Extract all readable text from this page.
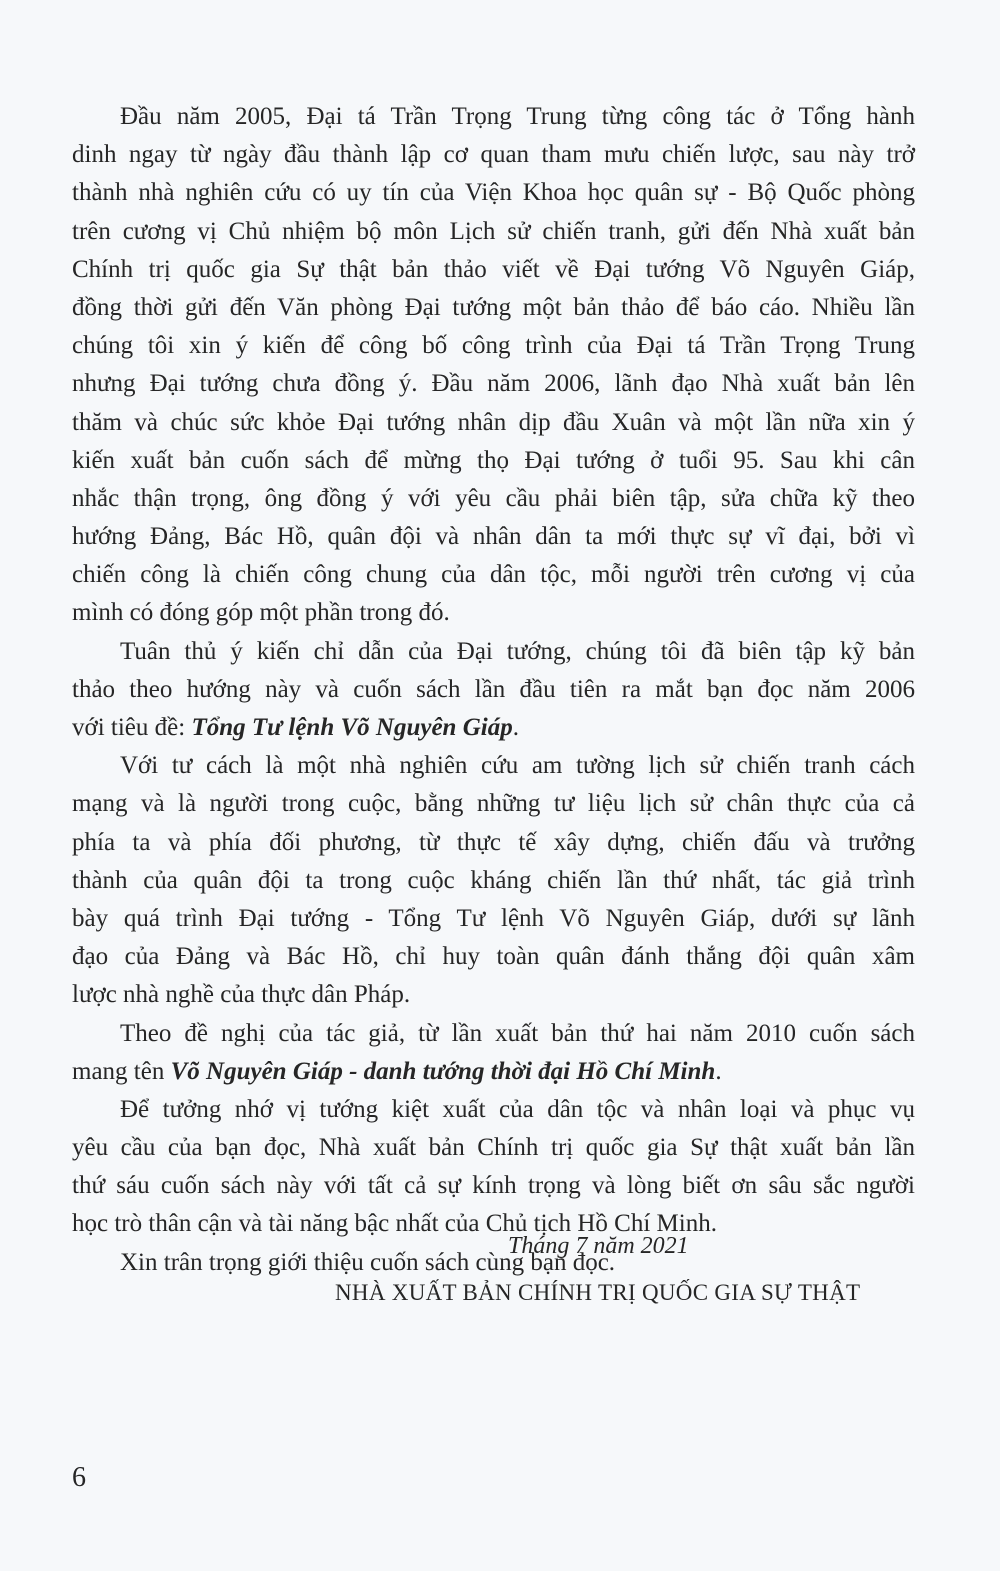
Đầu năm 2005, Đại tá Trần Trọng Trung từng công tác ở Tổng hành
dinh ngay từ ngày đầu thành lập cơ quan tham mưu chiến lược, sau này trở
thành nhà nghiên cứu có uy tín của Viện Khoa học quân sự - Bộ Quốc phòng
trên cương vị Chủ nhiệm bộ môn Lịch sử chiến tranh, gửi đến Nhà xuất bản
Chính trị quốc gia Sự thật bản thảo viết về Đại tướng Võ Nguyên Giáp,
đồng thời gửi đến Văn phòng Đại tướng một bản thảo để báo cáo. Nhiều lần
chúng tôi xin ý kiến để công bố công trình của Đại tá Trần Trọng Trung
nhưng Đại tướng chưa đồng ý. Đầu năm 2006, lãnh đạo Nhà xuất bản lên
thăm và chúc sức khỏe Đại tướng nhân dịp đầu Xuân và một lần nữa xin ý
kiến xuất bản cuốn sách để mừng thọ Đại tướng ở tuổi 95. Sau khi cân
nhắc thận trọng, ông đồng ý với yêu cầu phải biên tập, sửa chữa kỹ theo
hướng Đảng, Bác Hồ, quân đội và nhân dân ta mới thực sự vĩ đại, bởi vì
chiến công là chiến công chung của dân tộc, mỗi người trên cương vị của
mình có đóng góp một phần trong đó.
Tuân thủ ý kiến chỉ dẫn của Đại tướng, chúng tôi đã biên tập kỹ bản
thảo theo hướng này và cuốn sách lần đầu tiên ra mắt bạn đọc năm 2006
với tiêu đề: Tổng Tư lệnh Võ Nguyên Giáp.
Với tư cách là một nhà nghiên cứu am tường lịch sử chiến tranh cách
mạng và là người trong cuộc, bằng những tư liệu lịch sử chân thực của cả
phía ta và phía đối phương, từ thực tế xây dựng, chiến đấu và trưởng
thành của quân đội ta trong cuộc kháng chiến lần thứ nhất, tác giả trình
bày quá trình Đại tướng - Tổng Tư lệnh Võ Nguyên Giáp, dưới sự lãnh
đạo của Đảng và Bác Hồ, chỉ huy toàn quân đánh thắng đội quân xâm
lược nhà nghề của thực dân Pháp.
Theo đề nghị của tác giả, từ lần xuất bản thứ hai năm 2010 cuốn sách
mang tên Võ Nguyên Giáp - danh tướng thời đại Hồ Chí Minh.
Để tưởng nhớ vị tướng kiệt xuất của dân tộc và nhân loại và phục vụ
yêu cầu của bạn đọc, Nhà xuất bản Chính trị quốc gia Sự thật xuất bản lần
thứ sáu cuốn sách này với tất cả sự kính trọng và lòng biết ơn sâu sắc người
học trò thân cận và tài năng bậc nhất của Chủ tịch Hồ Chí Minh.
Xin trân trọng giới thiệu cuốn sách cùng bạn đọc.
Tháng 7 năm 2021
NHÀ XUẤT BẢN CHÍNH TRỊ QUỐC GIA SỰ THẬT
6
